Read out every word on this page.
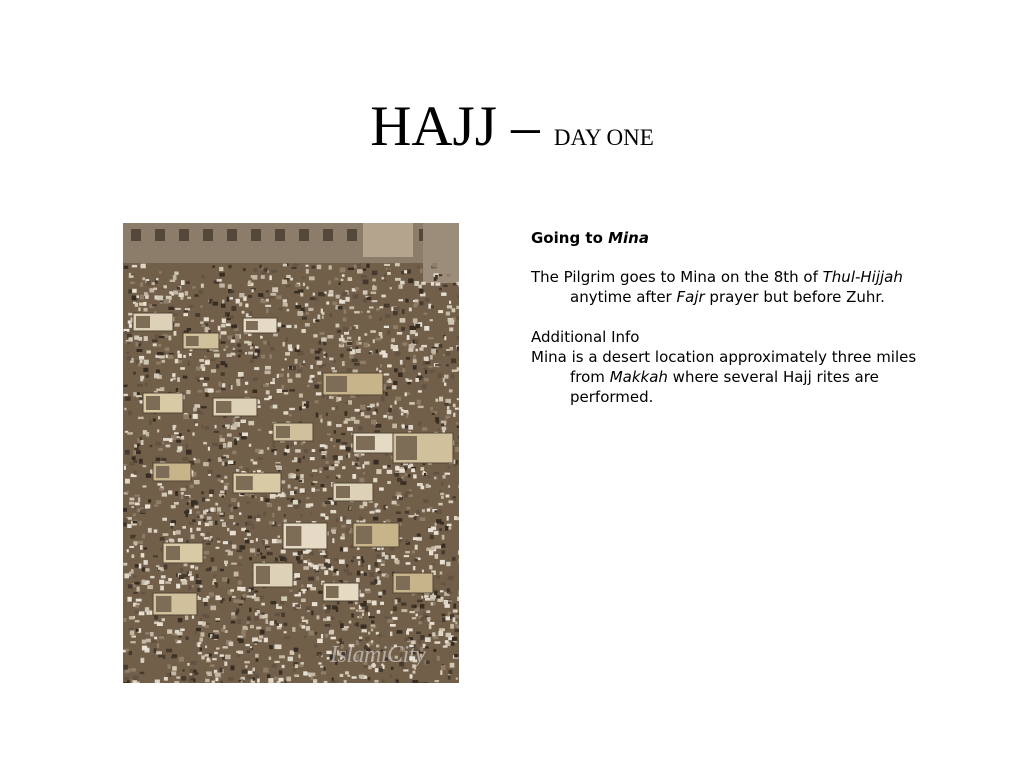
HAJJ – DAY ONE
IslamiCity

Going to Mina

The Pilgrim goes to Mina on the 8th of Thul-Hijjah anytime after Fajr prayer but before Zuhr.

Additional Info

Mina is a desert location approximately three miles from Makkah where several Hajj rites are performed.
